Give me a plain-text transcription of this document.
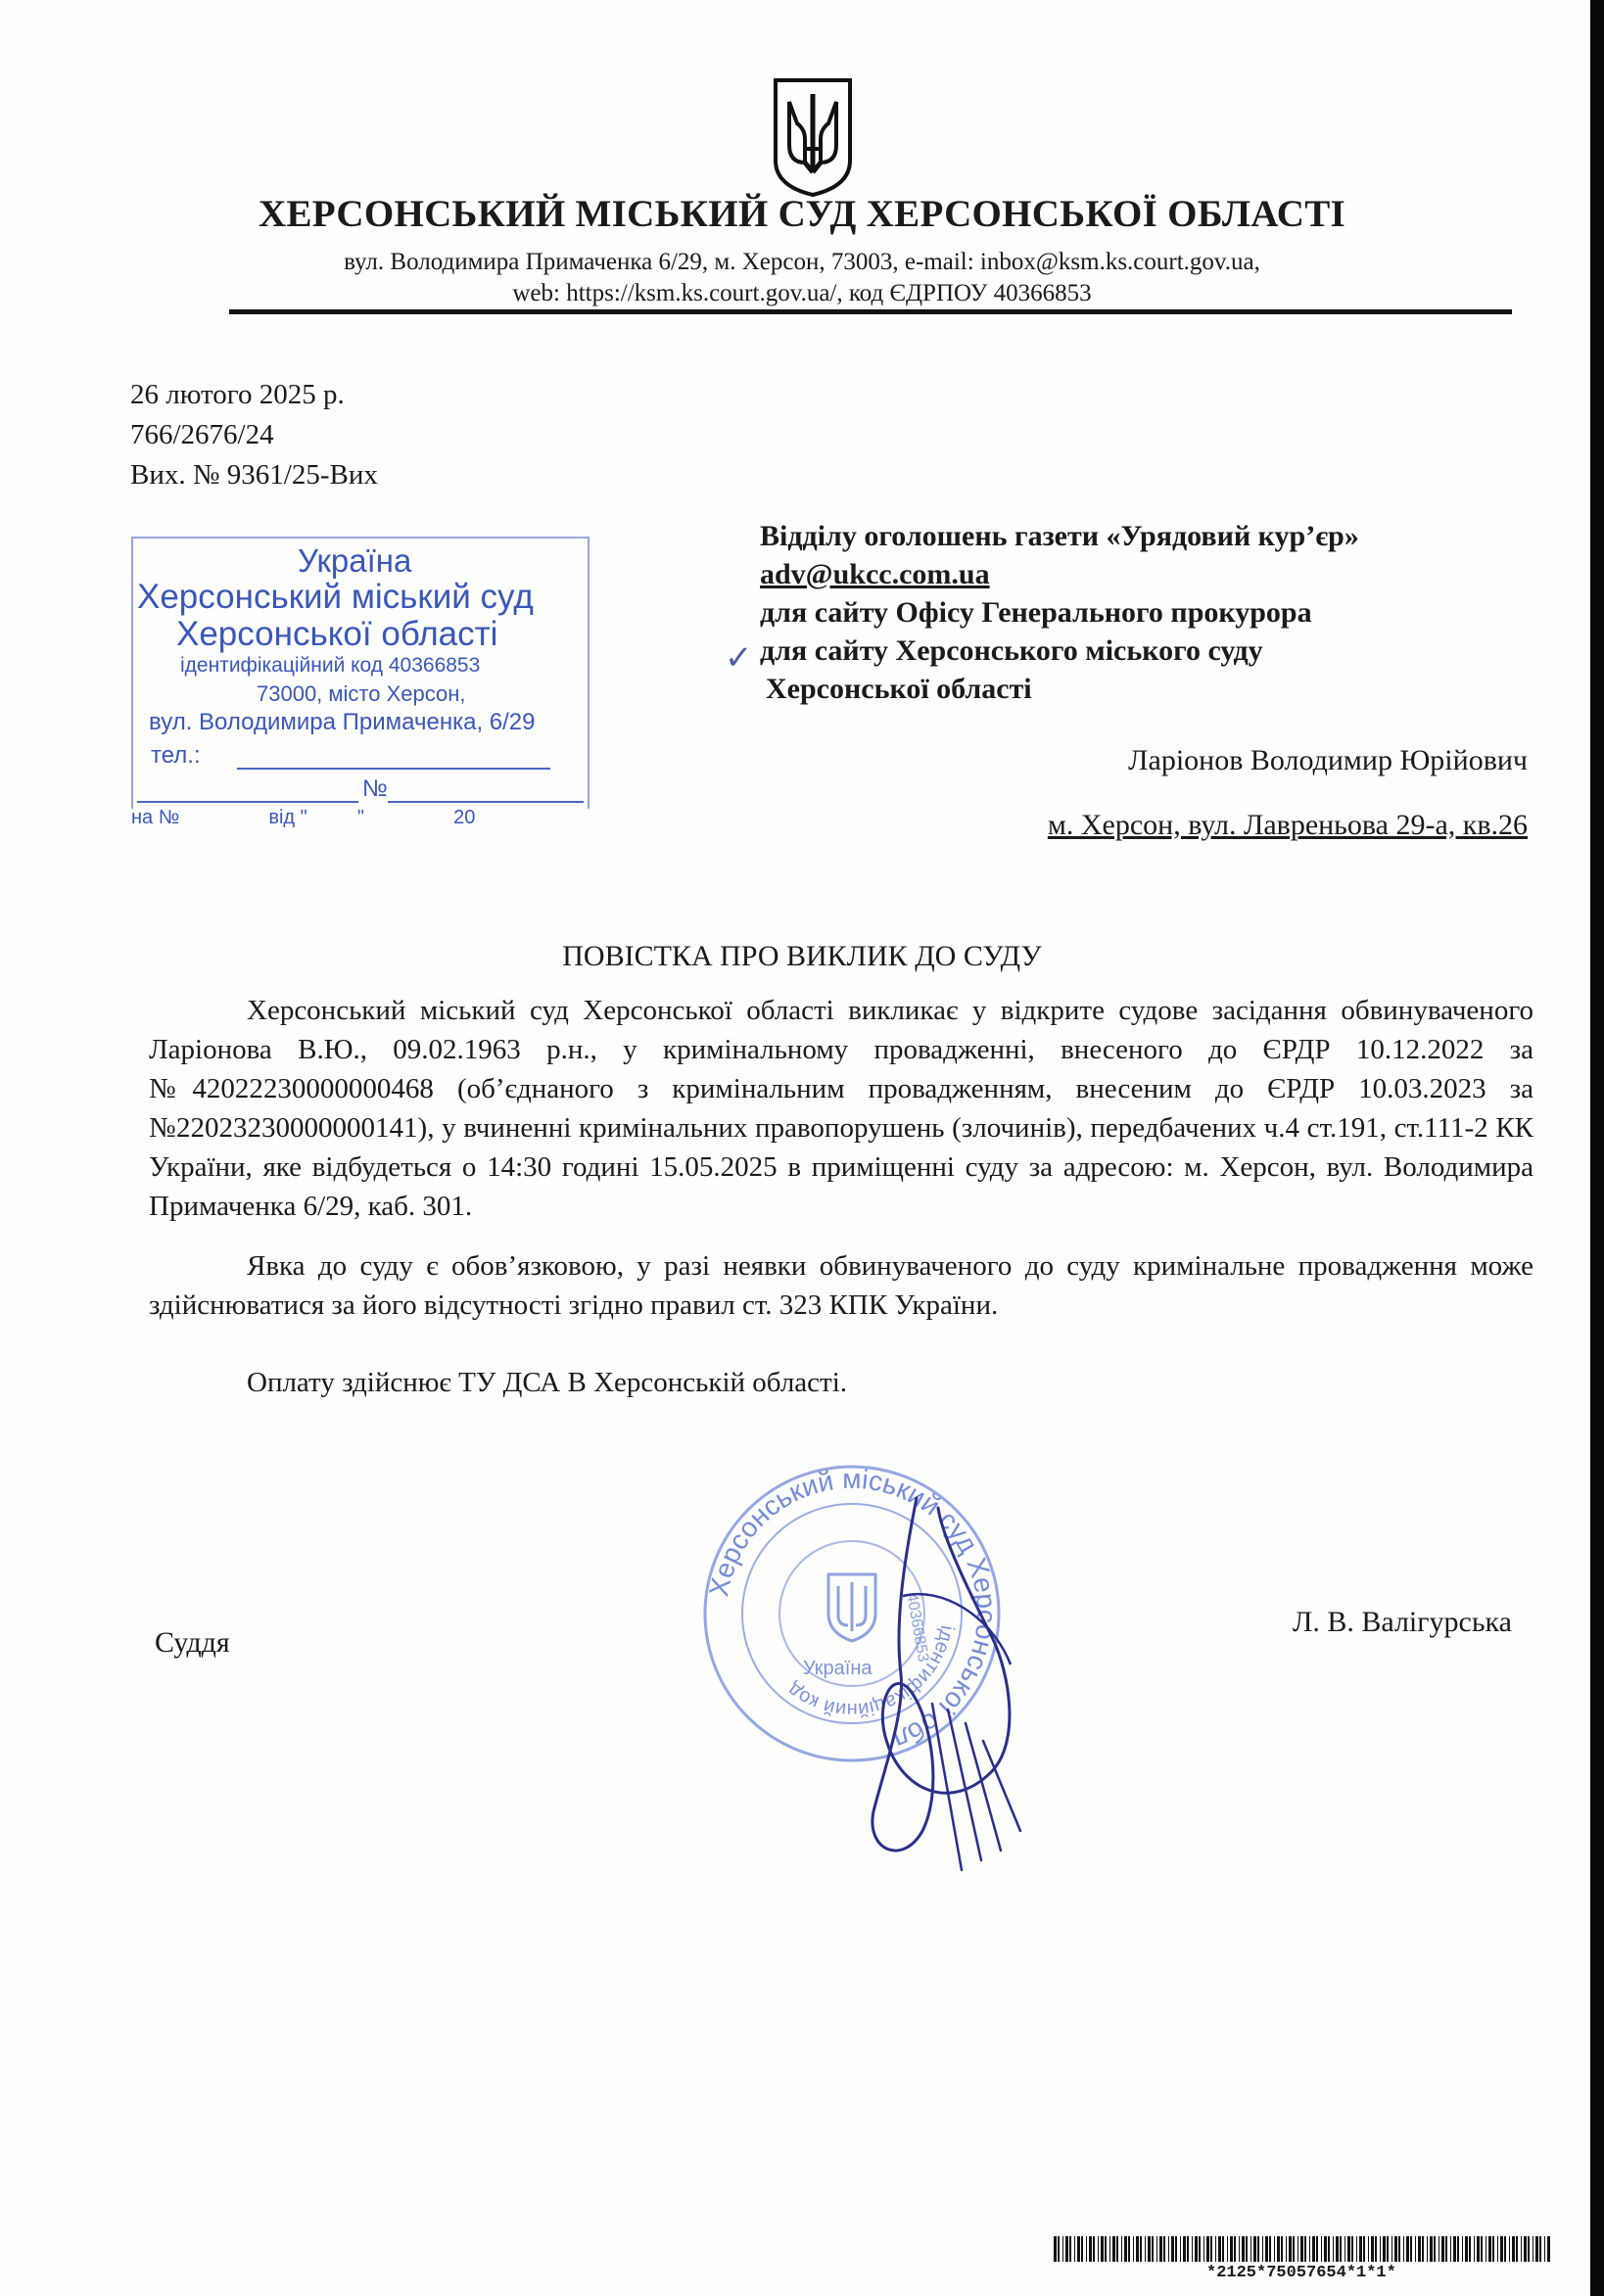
ХЕРСОНСЬКИЙ МІСЬКИЙ СУД ХЕРСОНСЬКОЇ ОБЛАСТІ
вул. Володимира Примаченка 6/29, м. Херсон, 73003, e-mail: inbox@ksm.ks.court.gov.ua,
web: https://ksm.ks.court.gov.ua/, код ЄДРПОУ 40366853
26 лютого 2025 р.
766/2676/24
Вих. № 9361/25-Вих
Україна
Херсонський міський суд
Херсонської області
ідентифікаційний код 40366853
73000, місто Херсон,
вул. Володимира Примаченка, 6/29
тел.:
№
на №	від "	"	20
Відділу оголошень газети «Урядовий кур’єр»
adv@ukcc.com.ua
для сайту Офісу Генерального прокурора
для сайту Херсонського міського суду
Херсонської області
✓
Ларіонов Володимир Юрійович
м. Херсон, вул. Лавреньова 29-а, кв.26
ПОВІСТКА ПРО ВИКЛИК ДО СУДУ
Херсонський міський суд Херсонської області викликає у відкрите судове засідання обвинуваченого Ларіонова В.Ю., 09.02.1963 р.н., у кримінальному провадженні, внесеного до ЄРДР 10.12.2022 за №42022230000000468 (об’єднаного з кримінальним провадженням, внесеним до ЄРДР 10.03.2023 за №22023230000000141), у вчиненні кримінальних правопорушень (злочинів), передбачених ч.4 ст.191, ст.111-2 КК України, яке відбудеться о 14:30 годині 15.05.2025 в приміщенні суду за адресою: м. Херсон, вул. Володимира Примаченка 6/29, каб. 301.
Явка до суду є обов’язковою, у разі неявки обвинуваченого до суду кримінальне провадження може здійснюватися за його відсутності згідно правил ст. 323 КПК України.
Оплату здійснює ТУ ДСА В Херсонській області.
Херсонський міський суд Херсонської обл
ідентифікаційний код
Україна
40366853
Суддя
Л. В. Валігурська
*2125*75057654*1*1*
